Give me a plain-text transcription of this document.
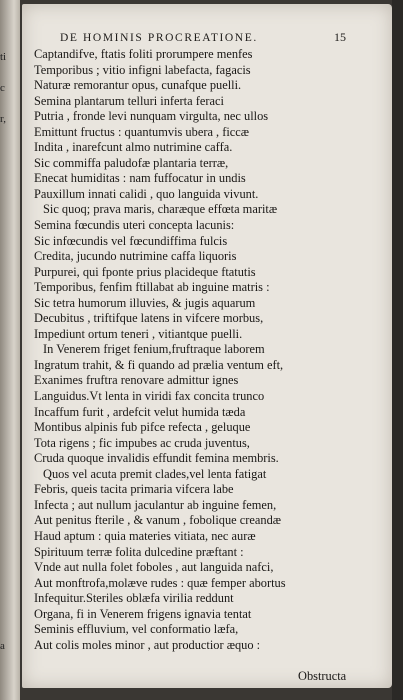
ti
c
r,
a
DE HOMINIS PROCREATIONE.	15
Captandifve, ftatis foliti prorumpere menfes
Temporibus ; vitio infigni labefacta, fagacis
Naturæ remorantur opus, cunafque puelli.
Semina plantarum telluri inferta feraci
Putria , fronde levi nunquam virgulta, nec ullos
Emittunt fructus : quantumvis ubera , ficcæ
Indita , inarefcunt almo nutrimine caffa.
Sic commiffa paludofæ plantaria terræ,
Enecat humiditas : nam fuffocatur in undis
Pauxillum innati calidi , quo languida vivunt.
Sic quoq; prava maris, charæque effœta maritæ
Semina fœcundis uteri concepta lacunis:
Sic infœcundis vel fœcundiffima fulcis
Credita, jucundo nutrimine caffa liquoris
Purpurei, qui fponte prius placideque ftatutis
Temporibus, fenfim ftillabat ab inguine matris :
Sic tetra humorum illuvies, & jugis aquarum
Decubitus , triftifque latens in vifcere morbus,
Impediunt ortum teneri , vitiantque puelli.
In Venerem friget fenium,fruftraque laborem
Ingratum trahit, & fi quando ad prælia ventum eft,
Exanimes fruftra renovare admittur ignes
Languidus.Vt lenta in viridi fax concita trunco
Incaffum furit , ardefcit velut humida tæda
Montibus alpinis fub pifce refecta , geluque
Tota rigens ; fic impubes ac cruda juventus,
Cruda quoque invalidis effundit femina membris.
Quos vel acuta premit clades,vel lenta fatigat
Febris, queis tacita primaria vifcera labe
Infecta ; aut nullum jaculantur ab inguine femen,
Aut penitus fterile , & vanum , fobolique creandæ
Haud aptum : quia materies vitiata, nec auræ
Spirituum terræ folita dulcedine præftant :
Vnde aut nulla folet foboles , aut languida nafci,
Aut monftrofa,molæve rudes : quæ femper abortus
Infequitur.Steriles oblæfa virilia reddunt
Organa, fi in Venerem frigens ignavia tentat
Seminis effluvium, vel conformatio læfa,
Aut colis moles minor , aut productior æquo :
Obstructa
